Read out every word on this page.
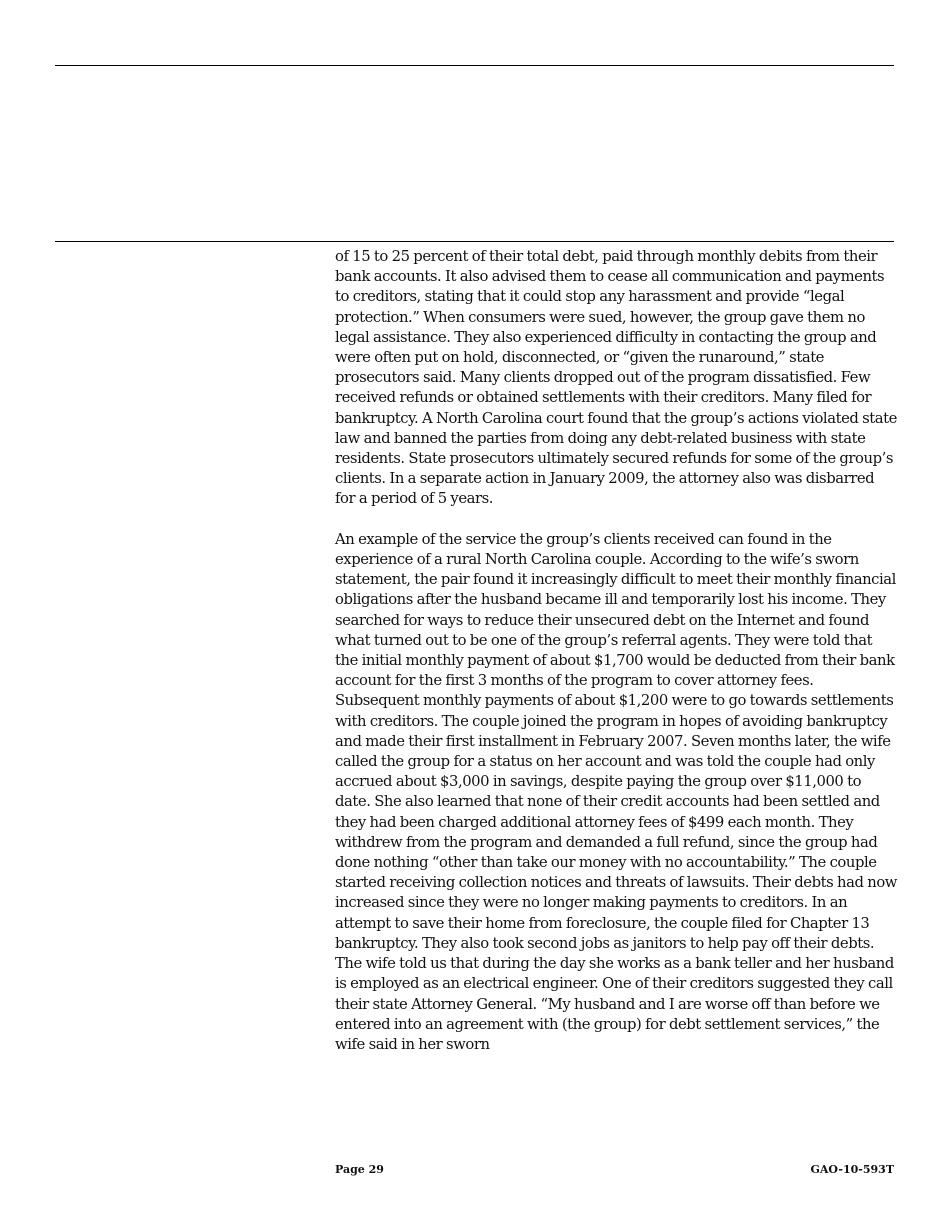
of 15 to 25 percent of their total debt, paid through monthly debits from their bank accounts. It also advised them to cease all communication and payments to creditors, stating that it could stop any harassment and provide “legal protection.” When consumers were sued, however, the group gave them no legal assistance. They also experienced difficulty in contacting the group and were often put on hold, disconnected, or “given the runaround,” state prosecutors said. Many clients dropped out of the program dissatisfied. Few received refunds or obtained settlements with their creditors. Many filed for bankruptcy. A North Carolina court found that the group’s actions violated state law and banned the parties from doing any debt-related business with state residents. State prosecutors ultimately secured refunds for some of the group’s clients. In a separate action in January 2009, the attorney also was disbarred for a period of 5 years.

An example of the service the group’s clients received can found in the experience of a rural North Carolina couple. According to the wife’s sworn statement, the pair found it increasingly difficult to meet their monthly financial obligations after the husband became ill and temporarily lost his income. They searched for ways to reduce their unsecured debt on the Internet and found what turned out to be one of the group’s referral agents. They were told that the initial monthly payment of about $1,700 would be deducted from their bank account for the first 3 months of the program to cover attorney fees. Subsequent monthly payments of about $1,200 were to go towards settlements with creditors. The couple joined the program in hopes of avoiding bankruptcy and made their first installment in February 2007. Seven months later, the wife called the group for a status on her account and was told the couple had only accrued about $3,000 in savings, despite paying the group over $11,000 to date. She also learned that none of their credit accounts had been settled and they had been charged additional attorney fees of $499 each month. They withdrew from the program and demanded a full refund, since the group had done nothing “other than take our money with no accountability.” The couple started receiving collection notices and threats of lawsuits. Their debts had now increased since they were no longer making payments to creditors. In an attempt to save their home from foreclosure, the couple filed for Chapter 13 bankruptcy. They also took second jobs as janitors to help pay off their debts. The wife told us that during the day she works as a bank teller and her husband is employed as an electrical engineer. One of their creditors suggested they call their state Attorney General. “My husband and I are worse off than before we entered into an agreement with (the group) for debt settlement services,” the wife said in her sworn

Page 29	GAO-10-593T
